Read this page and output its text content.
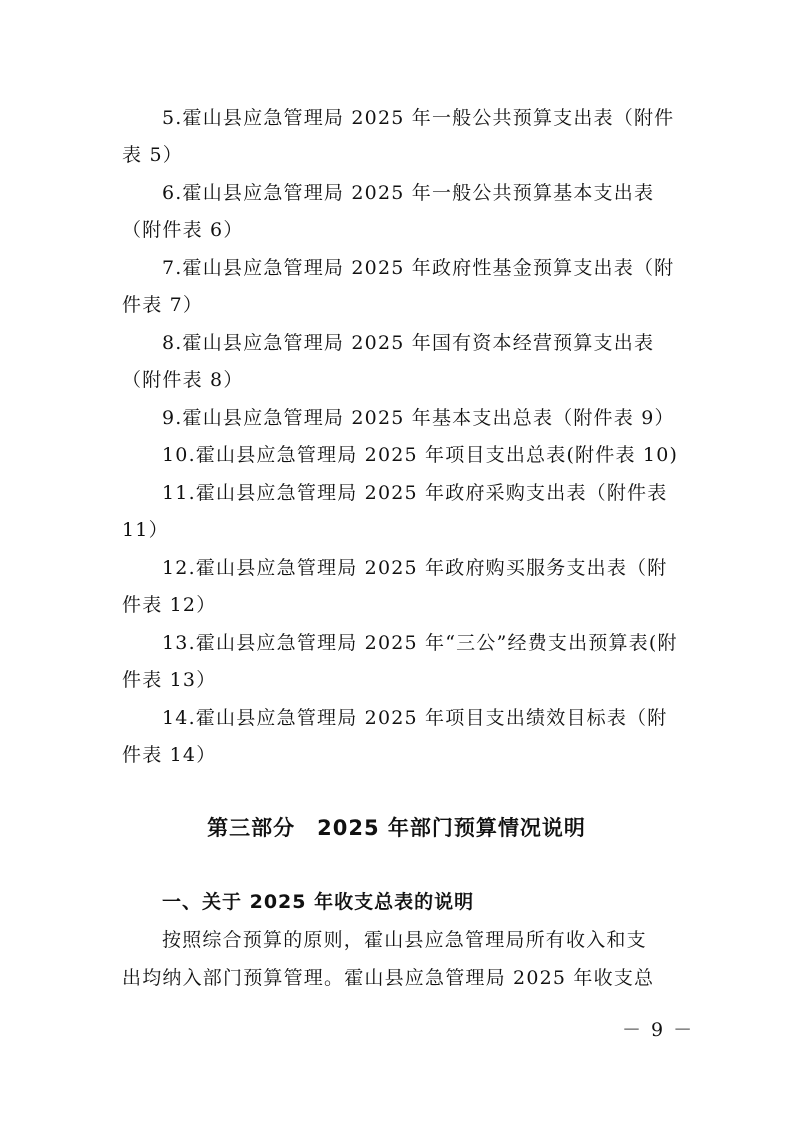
5.霍山县应急管理局 2025 年一般公共预算支出表（附件
表 5）
6.霍山县应急管理局 2025 年一般公共预算基本支出表
（附件表 6）
7.霍山县应急管理局 2025 年政府性基金预算支出表（附
件表 7）
8.霍山县应急管理局 2025 年国有资本经营预算支出表
（附件表 8）
9.霍山县应急管理局 2025 年基本支出总表（附件表 9）
10.霍山县应急管理局 2025 年项目支出总表(附件表 10)
11.霍山县应急管理局 2025 年政府采购支出表（附件表
11）
12.霍山县应急管理局 2025 年政府购买服务支出表（附
件表 12）
13.霍山县应急管理局 2025 年“三公”经费支出预算表(附
件表 13）
14.霍山县应急管理局 2025 年项目支出绩效目标表（附
件表 14）
第三部分　2025 年部门预算情况说明
一、关于 2025 年收支总表的说明
按照综合预算的原则，霍山县应急管理局所有收入和支
出均纳入部门预算管理。霍山县应急管理局 2025 年收支总
－ 9 －
